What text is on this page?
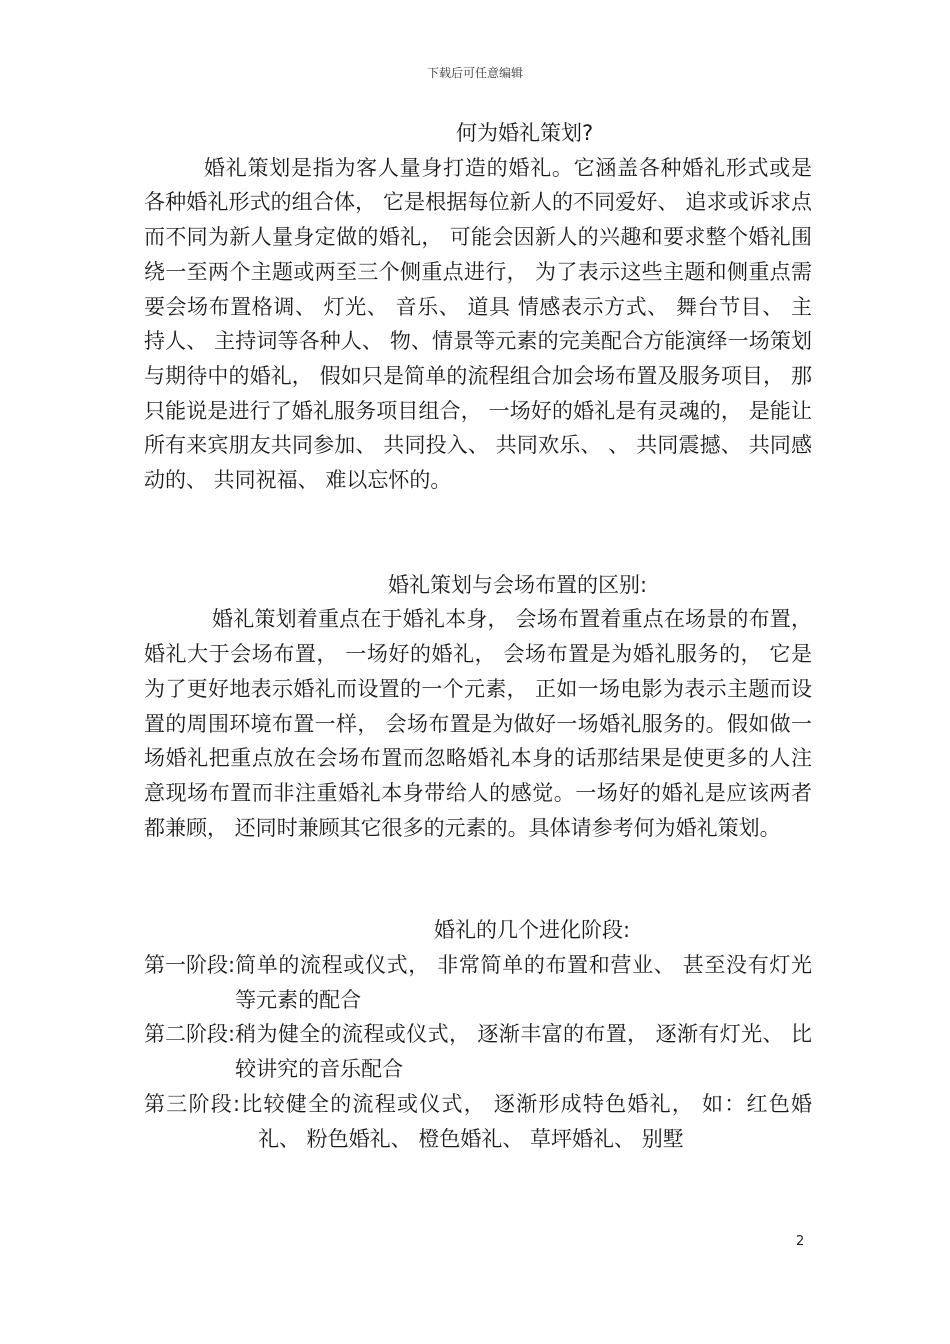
下载后可任意编辑

何为婚礼策划?

婚礼策划是指为客人量身打造的婚礼。它涵盖各种婚礼形式或是各种婚礼形式的组合体， 它是根据每位新人的不同爱好、 追求或诉求点而不同为新人量身定做的婚礼， 可能会因新人的兴趣和要求整个婚礼围绕一至两个主题或两至三个侧重点进行， 为了表示这些主题和侧重点需要会场布置格调、 灯光、 音乐、 道具 情感表示方式、 舞台节目、 主持人、 主持词等各种人、 物、情景等元素的完美配合方能演绎一场策划与期待中的婚礼， 假如只是简单的流程组合加会场布置及服务项目， 那只能说是进行了婚礼服务项目组合， 一场好的婚礼是有灵魂的， 是能让所有来宾朋友共同参加、 共同投入、 共同欢乐、 、 共同震撼、 共同感动的、 共同祝福、 难以忘怀的。

婚礼策划与会场布置的区别:

婚礼策划着重点在于婚礼本身， 会场布置着重点在场景的布置， 婚礼大于会场布置， 一场好的婚礼， 会场布置是为婚礼服务的， 它是为了更好地表示婚礼而设置的一个元素， 正如一场电影为表示主题而设置的周围环境布置一样， 会场布置是为做好一场婚礼服务的。假如做一场婚礼把重点放在会场布置而忽略婚礼本身的话那结果是使更多的人注意现场布置而非注重婚礼本身带给人的感觉。一场好的婚礼是应该两者都兼顾， 还同时兼顾其它很多的元素的。具体请参考何为婚礼策划。

婚礼的几个进化阶段:

第一阶段: 简单的流程或仪式， 非常简单的布置和营业、 甚至没有灯光等元素的配合
第二阶段: 稍为健全的流程或仪式， 逐渐丰富的布置， 逐渐有灯光、 比较讲究的音乐配合

第三阶段:比较健全的流程或仪式， 逐渐形成特色婚礼， 如：红色婚礼、 粉色婚礼、 橙色婚礼、 草坪婚礼、 别墅

2
